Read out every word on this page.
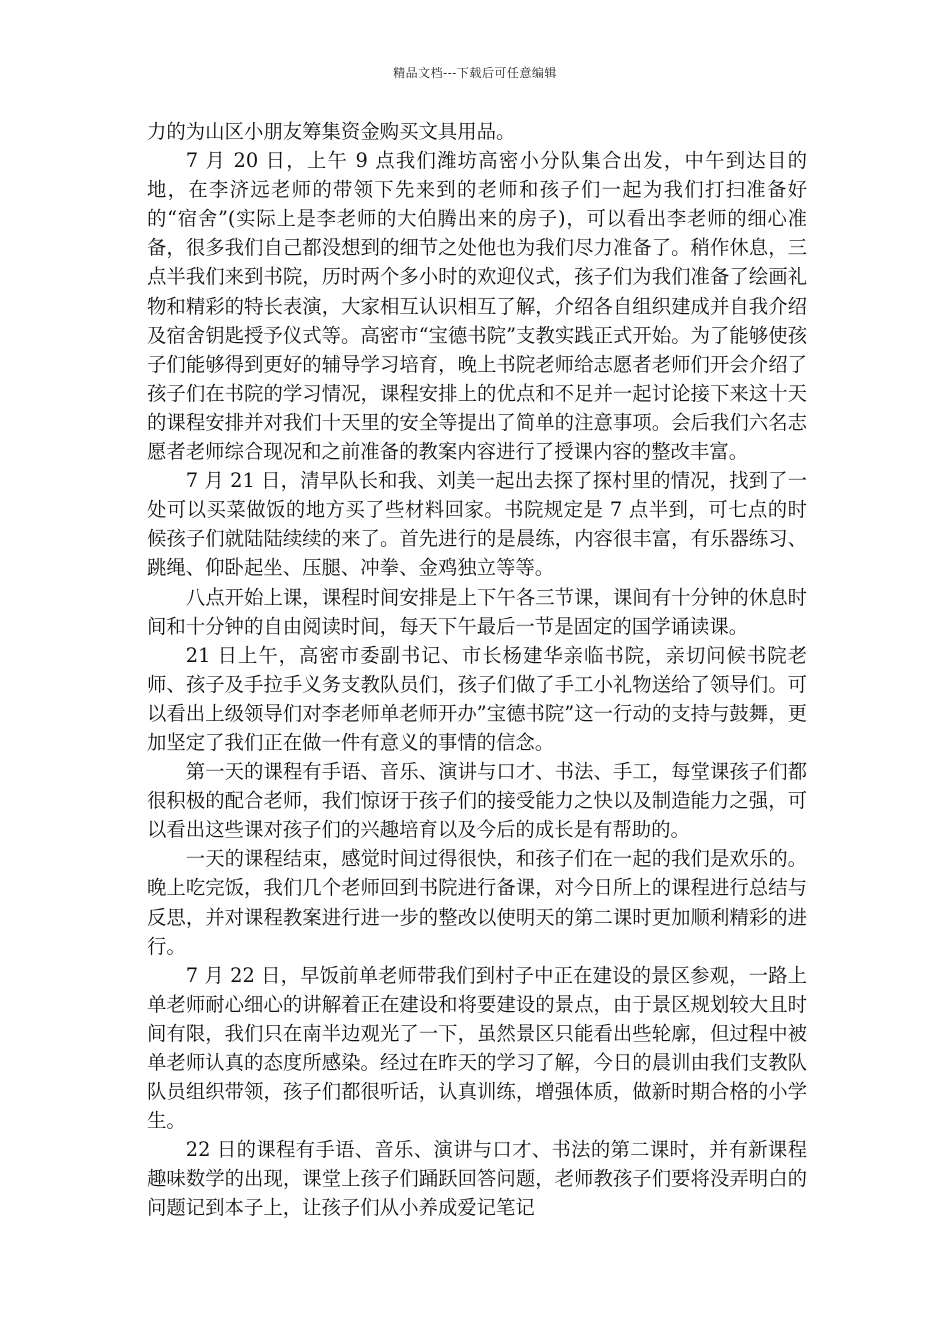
精品文档---下载后可任意编辑

力的为山区小朋友筹集资金购买文具用品。

7 月 20 日，上午 9 点我们潍坊高密小分队集合出发，中午到达目的地，在李济远老师的带领下先来到的老师和孩子们一起为我们打扫准备好的“宿舍”(实际上是李老师的大伯腾出来的房子)，可以看出李老师的细心准备，很多我们自己都没想到的细节之处他也为我们尽力准备了。稍作休息，三点半我们来到书院，历时两个多小时的欢迎仪式，孩子们为我们准备了绘画礼物和精彩的特长表演，大家相互认识相互了解，介绍各自组织建成并自我介绍及宿舍钥匙授予仪式等。高密市“宝德书院”支教实践正式开始。为了能够使孩子们能够得到更好的辅导学习培育，晚上书院老师给志愿者老师们开会介绍了孩子们在书院的学习情况，课程安排上的优点和不足并一起讨论接下来这十天的课程安排并对我们十天里的安全等提出了简单的注意事项。会后我们六名志愿者老师综合现况和之前准备的教案内容进行了授课内容的整改丰富。

7 月 21 日，清早队长和我、刘美一起出去探了探村里的情况，找到了一处可以买菜做饭的地方买了些材料回家。书院规定是 7 点半到，可七点的时候孩子们就陆陆续续的来了。首先进行的是晨练，内容很丰富，有乐器练习、跳绳、仰卧起坐、压腿、冲拳、金鸡独立等等。

八点开始上课，课程时间安排是上下午各三节课，课间有十分钟的休息时间和十分钟的自由阅读时间，每天下午最后一节是固定的国学诵读课。

21 日上午，高密市委副书记、市长杨建华亲临书院，亲切问候书院老师、孩子及手拉手义务支教队员们，孩子们做了手工小礼物送给了领导们。可以看出上级领导们对李老师单老师开办”宝德书院”这一行动的支持与鼓舞，更加坚定了我们正在做一件有意义的事情的信念。

第一天的课程有手语、音乐、演讲与口才、书法、手工，每堂课孩子们都很积极的配合老师，我们惊讶于孩子们的接受能力之快以及制造能力之强，可以看出这些课对孩子们的兴趣培育以及今后的成长是有帮助的。

一天的课程结束，感觉时间过得很快，和孩子们在一起的我们是欢乐的。晚上吃完饭，我们几个老师回到书院进行备课，对今日所上的课程进行总结与反思，并对课程教案进行进一步的整改以使明天的第二课时更加顺利精彩的进行。

7 月 22 日，早饭前单老师带我们到村子中正在建设的景区参观，一路上单老师耐心细心的讲解着正在建设和将要建设的景点，由于景区规划较大且时间有限，我们只在南半边观光了一下，虽然景区只能看出些轮廓，但过程中被单老师认真的态度所感染。经过在昨天的学习了解，今日的晨训由我们支教队队员组织带领，孩子们都很听话，认真训练，增强体质，做新时期合格的小学生。

22 日的课程有手语、音乐、演讲与口才、书法的第二课时，并有新课程趣味数学的出现，课堂上孩子们踊跃回答问题，老师教孩子们要将没弄明白的问题记到本子上，让孩子们从小养成爱记笔记
